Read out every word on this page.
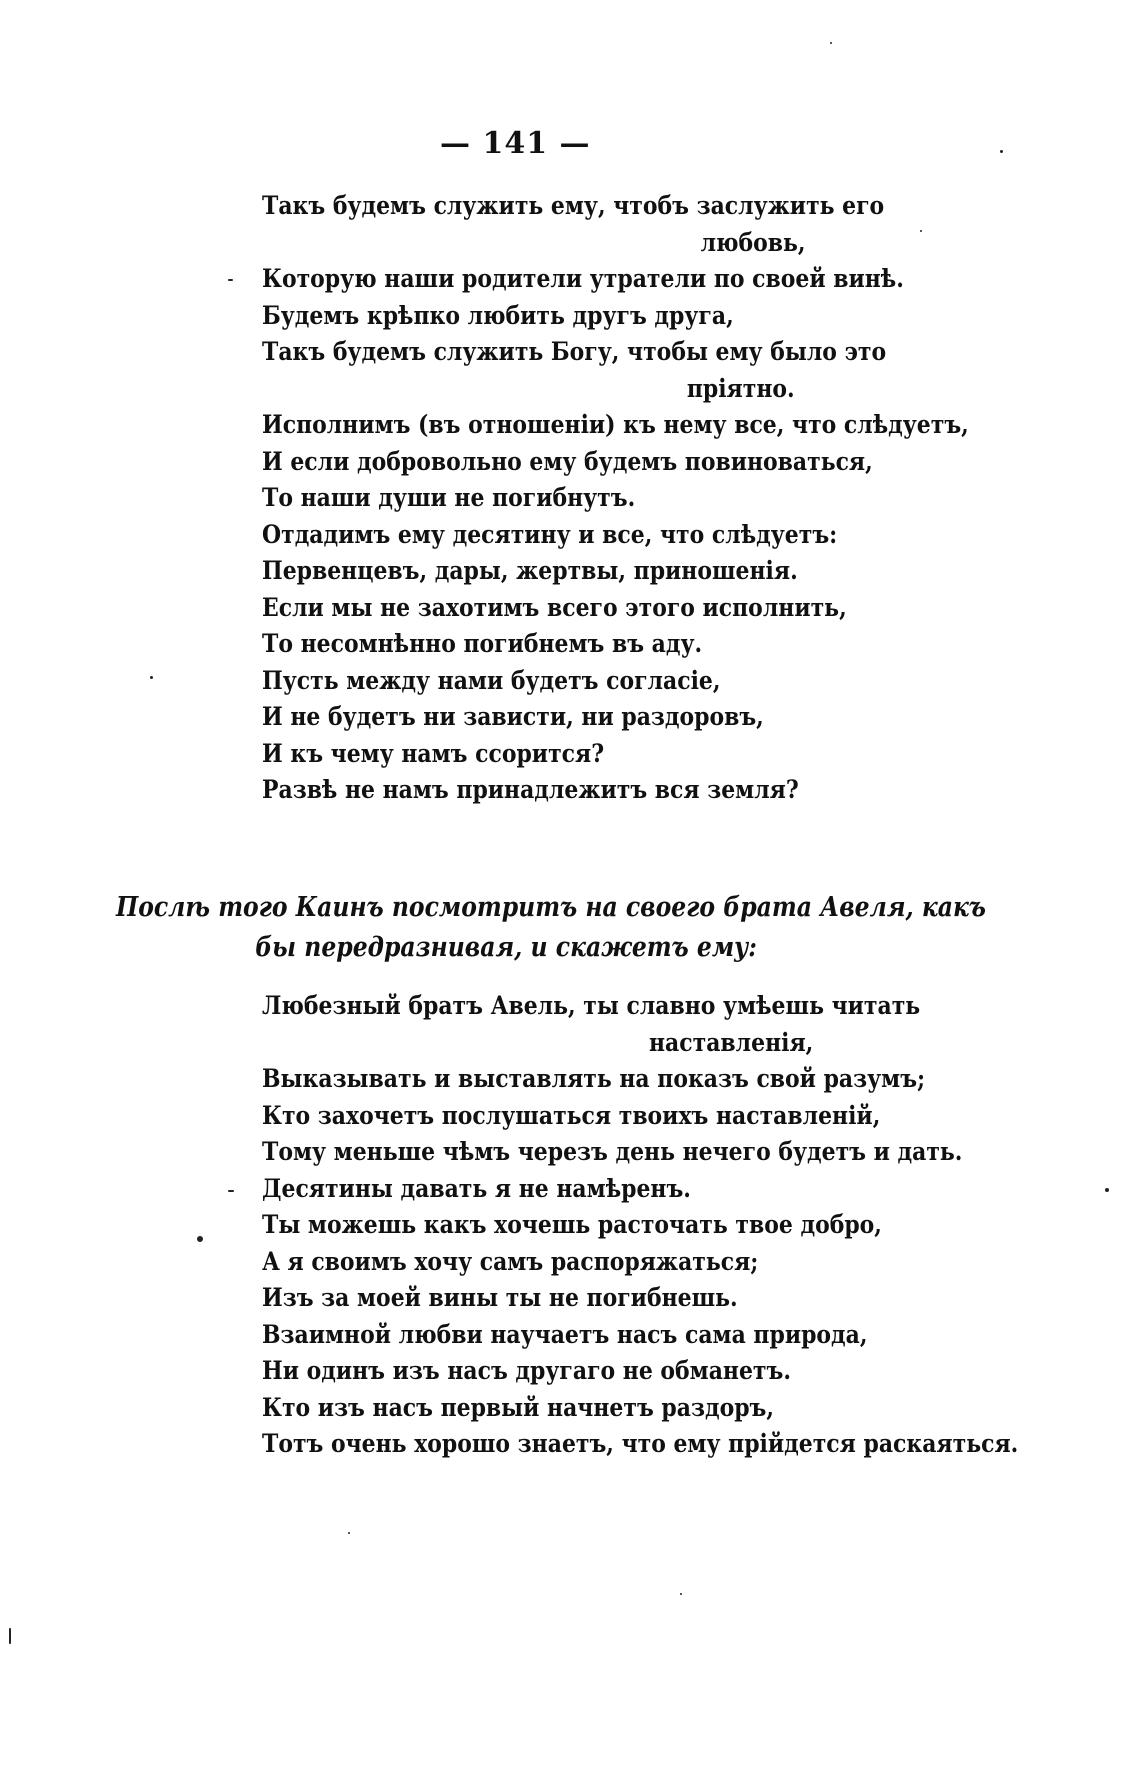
— 141 —
Такъ будемъ служить ему, чтобъ заслужить его
любовь,
Которую наши родители утратели по своей винѣ.
Будемъ крѣпко любить другъ друга,
Такъ будемъ служить Богу, чтобы ему было это
пріятно.
Исполнимъ (въ отношеніи) къ нему все, что слѣдуетъ,
И если добровольно ему будемъ повиноваться,
То наши души не погибнутъ.
Отдадимъ ему десятину и все, что слѣдуетъ:
Первенцевъ, дары, жертвы, приношенія.
Если мы не захотимъ всего этого исполнить,
То несомнѣнно погибнемъ въ аду.
Пусть между нами будетъ согласіе,
И не будетъ ни зависти, ни раздоровъ,
И къ чему намъ ссорится?
Развѣ не намъ принадлежитъ вся земля?
Послѣ того Каинъ посмотритъ на своего брата Авеля, какъ
бы передразнивая, и скажетъ ему:
Любезный братъ Авель, ты славно умѣешь читать
наставленія,
Выказывать и выставлять на показъ свой разумъ;
Кто захочетъ послушаться твоихъ наставленій,
Тому меньше чѣмъ черезъ день нечего будетъ и дать.
Десятины давать я не намѣренъ.
Ты можешь какъ хочешь расточать твое добро,
А я своимъ хочу самъ распоряжаться;
Изъ за моей вины ты не погибнешь.
Взаимной любви научаетъ насъ сама природа,
Ни одинъ изъ насъ другаго не обманетъ.
Кто изъ насъ первый начнетъ раздоръ,
Тотъ очень хорошо знаетъ, что ему прійдется раскаяться.
